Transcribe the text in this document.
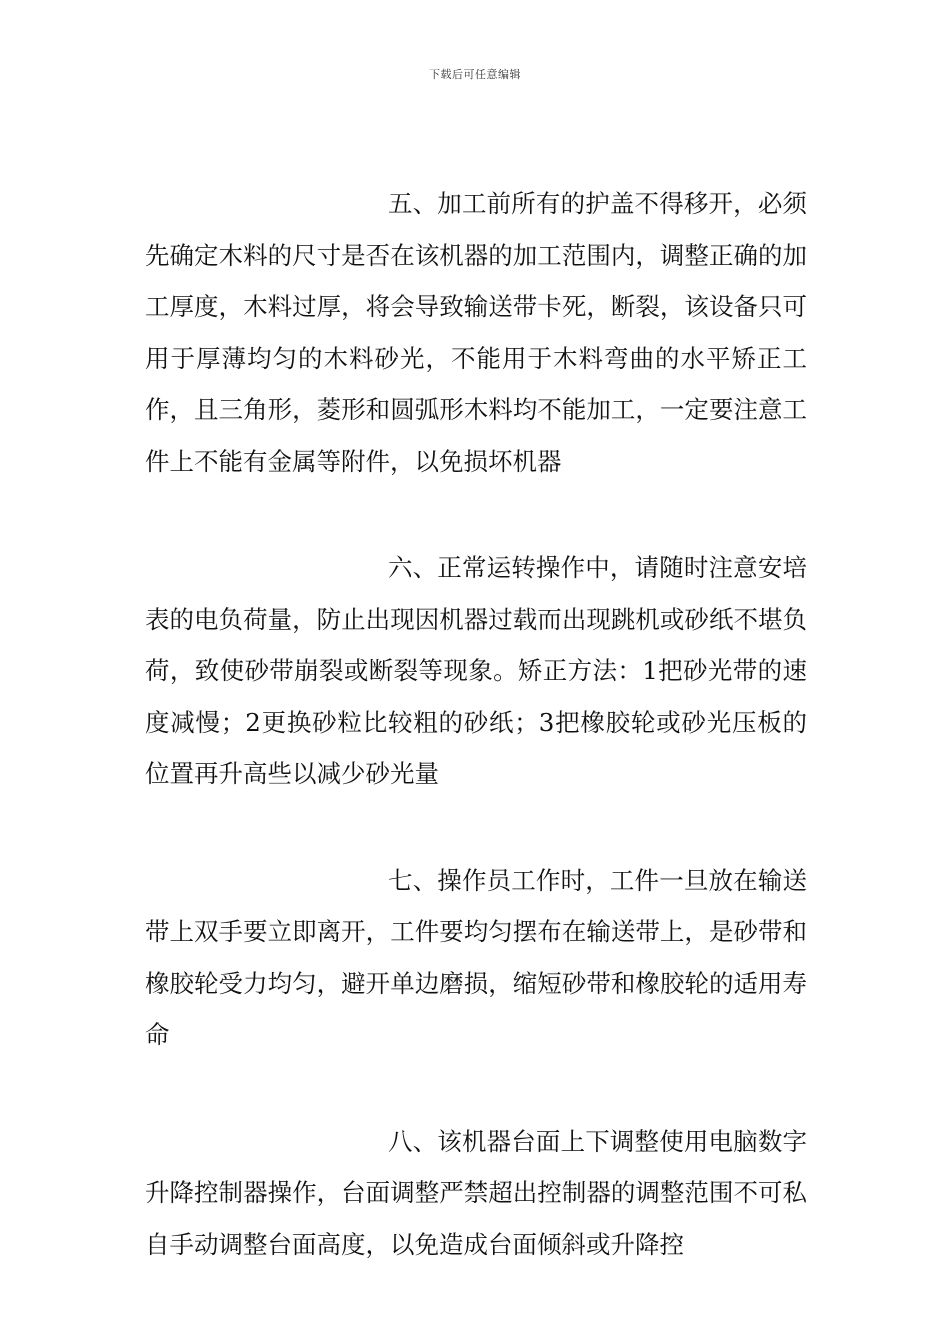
下载后可任意编辑

五、加工前所有的护盖不得移开，必须先确定木料的尺寸是否在该机器的加工范围内，调整正确的加工厚度，木料过厚，将会导致输送带卡死，断裂，该设备只可用于厚薄均匀的木料砂光，不能用于木料弯曲的水平矫正工作，且三角形，菱形和圆弧形木料均不能加工，一定要注意工件上不能有金属等附件，以免损坏机器

六、正常运转操作中，请随时注意安培表的电负荷量，防止出现因机器过载而出现跳机或砂纸不堪负荷，致使砂带崩裂或断裂等现象。矫正方法：1把砂光带的速度减慢；2更换砂粒比较粗的砂纸；3把橡胶轮或砂光压板的位置再升高些以减少砂光量

七、操作员工作时，工件一旦放在输送带上双手要立即离开，工件要均匀摆布在输送带上，是砂带和橡胶轮受力均匀，避开单边磨损，缩短砂带和橡胶轮的适用寿命

八、该机器台面上下调整使用电脑数字升降控制器操作，台面调整严禁超出控制器的调整范围不可私自手动调整台面高度，以免造成台面倾斜或升降控
